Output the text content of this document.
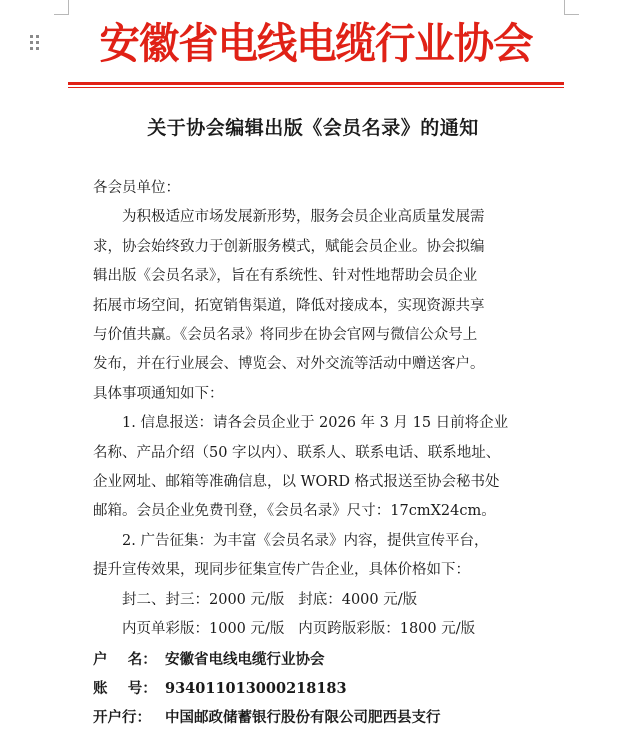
安徽省电线电缆行业协会
关于协会编辑出版《会员名录》的通知

各会员单位：

为积极适应市场发展新形势，服务会员企业高质量发展需

求，协会始终致力于创新服务模式，赋能会员企业。协会拟编

辑出版《会员名录》，旨在有系统性、针对性地帮助会员企业

拓展市场空间，拓宽销售渠道，降低对接成本，实现资源共享

与价值共赢。《会员名录》将同步在协会官网与微信公众号上

发布，并在行业展会、博览会、对外交流等活动中赠送客户。

具体事项通知如下：

1. 信息报送：请各会员企业于 2026 年 3 月 15 日前将企业

名称、产品介绍（50 字以内）、联系人、联系电话、联系地址、

企业网址、邮箱等准确信息，以 WORD 格式报送至协会秘书处

邮箱。会员企业免费刊登，《会员名录》尺寸：17cmX24cm。

2. 广告征集：为丰富《会员名录》内容，提供宣传平台，

提升宣传效果，现同步征集宣传广告企业，具体价格如下：

封二、封三：2000 元/版   封底：4000 元/版

内页单彩版：1000 元/版   内页跨版彩版：1800 元/版

户    名： 安徽省电线电缆行业协会

账    号： 934011013000218183

开户行： 中国邮政储蓄银行股份有限公司肥西县支行
